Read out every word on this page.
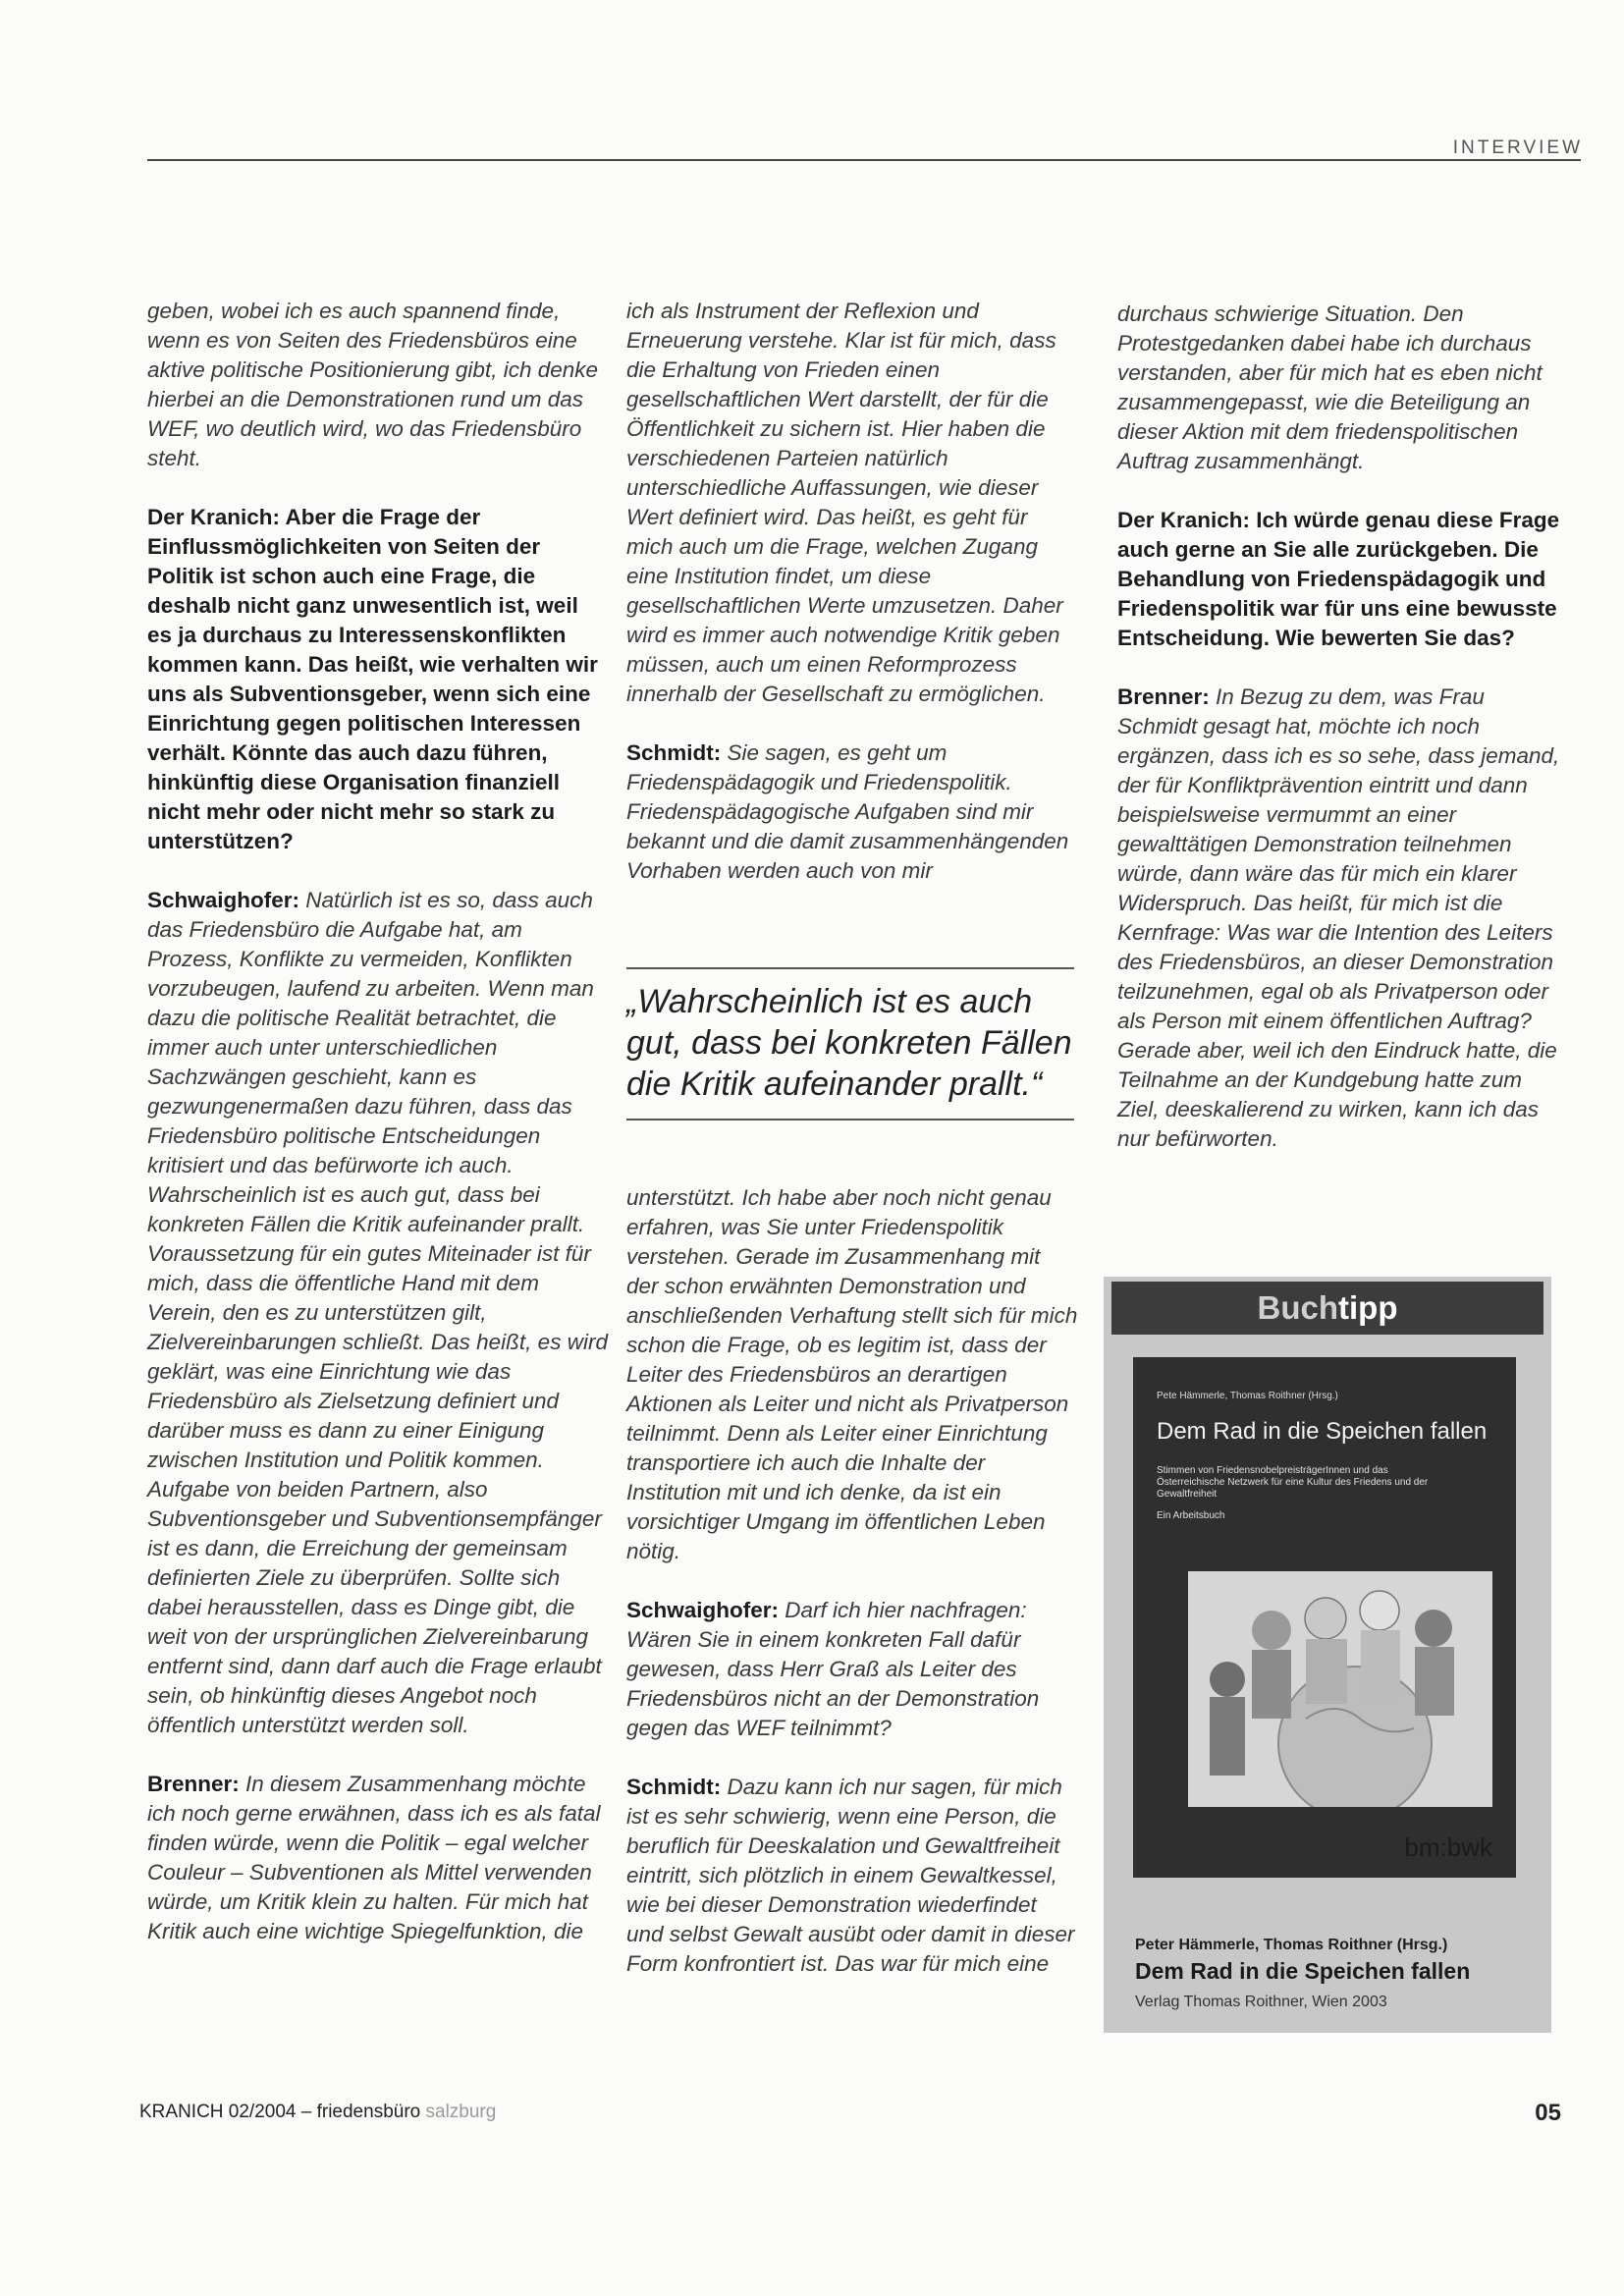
INTERVIEW

geben, wobei ich es auch spannend finde, wenn es von Seiten des Friedensbüros eine aktive politische Positionierung gibt, ich denke hierbei an die Demonstrationen rund um das WEF, wo deutlich wird, wo das Friedensbüro steht.

Der Kranich: Aber die Frage der Einflussmöglichkeiten von Seiten der Politik ist schon auch eine Frage, die deshalb nicht ganz unwesentlich ist, weil es ja durchaus zu Interessenskonflikten kommen kann. Das heißt, wie verhalten wir uns als Subventionsgeber, wenn sich eine Einrichtung gegen politischen Interessen verhält. Könnte das auch dazu führen, hinkünftig diese Organisation finanziell nicht mehr oder nicht mehr so stark zu unterstützen?

Schwaighofer: Natürlich ist es so, dass auch das Friedensbüro die Aufgabe hat, am Prozess, Konflikte zu vermeiden, Konflikten vorzubeugen, laufend zu arbeiten. Wenn man dazu die politische Realität betrachtet, die immer auch unter unterschiedlichen Sachzwängen geschieht, kann es gezwungenermaßen dazu führen, dass das Friedensbüro politische Entscheidungen kritisiert und das befürworte ich auch. Wahrscheinlich ist es auch gut, dass bei konkreten Fällen die Kritik aufeinander prallt. Voraussetzung für ein gutes Miteinader ist für mich, dass die öffentliche Hand mit dem Verein, den es zu unterstützen gilt, Zielvereinbarungen schließt. Das heißt, es wird geklärt, was eine Einrichtung wie das Friedensbüro als Zielsetzung definiert und darüber muss es dann zu einer Einigung zwischen Institution und Politik kommen. Aufgabe von beiden Partnern, also Subventionsgeber und Subventionsempfänger ist es dann, die Erreichung der gemeinsam definierten Ziele zu überprüfen. Sollte sich dabei herausstellen, dass es Dinge gibt, die weit von der ursprünglichen Zielvereinbarung entfernt sind, dann darf auch die Frage erlaubt sein, ob hinkünftig dieses Angebot noch öffentlich unterstützt werden soll.

Brenner: In diesem Zusammenhang möchte ich noch gerne erwähnen, dass ich es als fatal finden würde, wenn die Politik – egal welcher Couleur – Subventionen als Mittel verwenden würde, um Kritik klein zu halten. Für mich hat Kritik auch eine wichtige Spiegelfunktion, die

ich als Instrument der Reflexion und Erneuerung verstehe. Klar ist für mich, dass die Erhaltung von Frieden einen gesellschaftlichen Wert darstellt, der für die Öffentlichkeit zu sichern ist. Hier haben die verschiedenen Parteien natürlich unterschiedliche Auffassungen, wie dieser Wert definiert wird. Das heißt, es geht für mich auch um die Frage, welchen Zugang eine Institution findet, um diese gesellschaftlichen Werte umzusetzen. Daher wird es immer auch notwendige Kritik geben müssen, auch um einen Reformprozess innerhalb der Gesellschaft zu ermöglichen.

Schmidt: Sie sagen, es geht um Friedenspädagogik und Friedenspolitik. Friedenspädagogische Aufgaben sind mir bekannt und die damit zusammenhängenden Vorhaben werden auch von mir

„Wahrscheinlich ist es auch gut, dass bei konkreten Fällen die Kritik aufeinander prallt.“

unterstützt. Ich habe aber noch nicht genau erfahren, was Sie unter Friedenspolitik verstehen. Gerade im Zusammenhang mit der schon erwähnten Demonstration und anschließenden Verhaftung stellt sich für mich schon die Frage, ob es legitim ist, dass der Leiter des Friedensbüros an derartigen Aktionen als Leiter und nicht als Privatperson teilnimmt. Denn als Leiter einer Einrichtung transportiere ich auch die Inhalte der Institution mit und ich denke, da ist ein vorsichtiger Umgang im öffentlichen Leben nötig.

Schwaighofer: Darf ich hier nachfragen: Wären Sie in einem konkreten Fall dafür gewesen, dass Herr Graß als Leiter des Friedensbüros nicht an der Demonstration gegen das WEF teilnimmt?

Schmidt: Dazu kann ich nur sagen, für mich ist es sehr schwierig, wenn eine Person, die beruflich für Deeskalation und Gewaltfreiheit eintritt, sich plötzlich in einem Gewaltkessel, wie bei dieser Demonstration wiederfindet und selbst Gewalt ausübt oder damit in dieser Form konfrontiert ist. Das war für mich eine

durchaus schwierige Situation. Den Protestgedanken dabei habe ich durchaus verstanden, aber für mich hat es eben nicht zusammengepasst, wie die Beteiligung an dieser Aktion mit dem friedenspolitischen Auftrag zusammenhängt.

Der Kranich: Ich würde genau diese Frage auch gerne an Sie alle zurückgeben. Die Behandlung von Friedenspädagogik und Friedenspolitik war für uns eine bewusste Entscheidung. Wie bewerten Sie das?

Brenner: In Bezug zu dem, was Frau Schmidt gesagt hat, möchte ich noch ergänzen, dass ich es so sehe, dass jemand, der für Konfliktprävention eintritt und dann beispielsweise vermummt an einer gewalttätigen Demonstration teilnehmen würde, dann wäre das für mich ein klarer Widerspruch. Das heißt, für mich ist die Kernfrage: Was war die Intention des Leiters des Friedensbüros, an dieser Demonstration teilzunehmen, egal ob als Privatperson oder als Person mit einem öffentlichen Auftrag? Gerade aber, weil ich den Eindruck hatte, die Teilnahme an der Kundgebung hatte zum Ziel, deeskalierend zu wirken, kann ich das nur befürworten.

Buchtipp
Pete Hämmerle, Thomas Roithner (Hrsg.)
Dem Rad in die Speichen fallen
Stimmen von FriedensnobelpreisträgerInnen und das Österreichische Netzwerk für eine Kultur des Friedens und der Gewaltfreiheit
Ein Arbeitsbuch
bm:bwk
Peter Hämmerle, Thomas Roithner (Hrsg.)
Dem Rad in die Speichen fallen
Verlag Thomas Roithner, Wien 2003
KRANICH 02/2004 – friedensbüro salzburg	05
